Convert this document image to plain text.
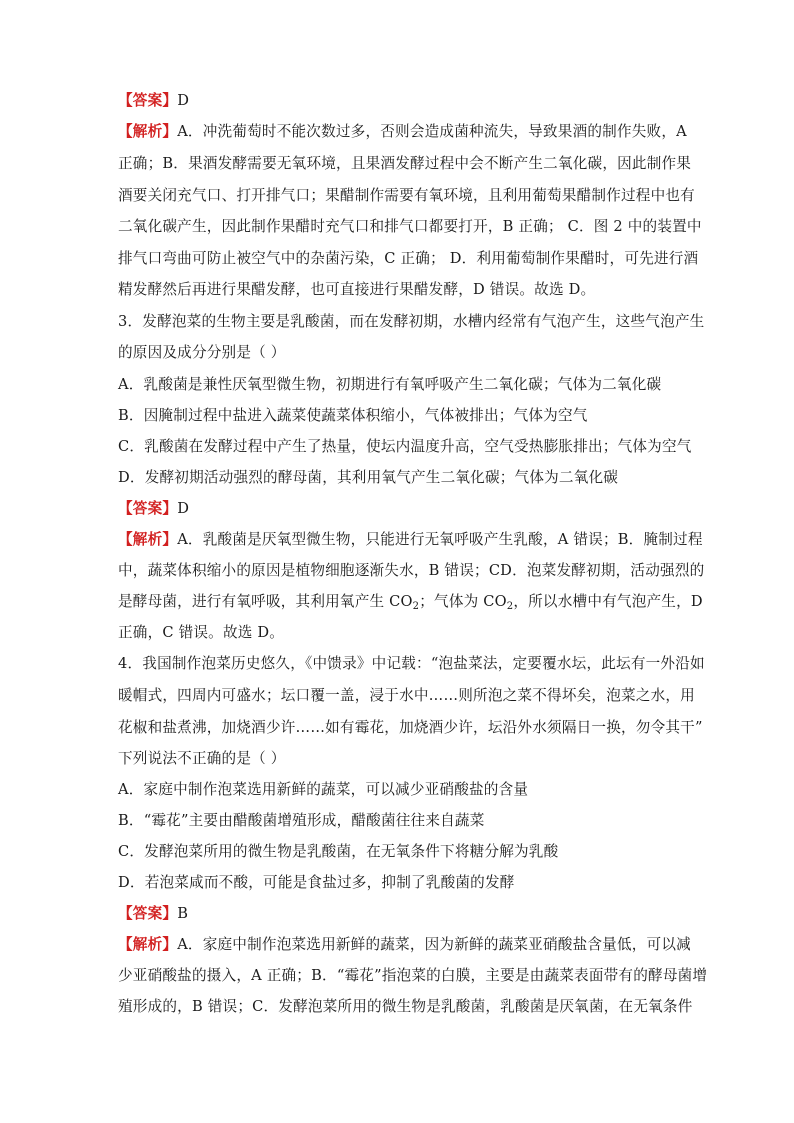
【答案】D
【解析】A．冲洗葡萄时不能次数过多，否则会造成菌种流失，导致果酒的制作失败，A
正确；B．果酒发酵需要无氧环境，且果酒发酵过程中会不断产生二氧化碳，因此制作果
酒要关闭充气口、打开排气口；果醋制作需要有氧环境，且利用葡萄果醋制作过程中也有
二氧化碳产生，因此制作果醋时充气口和排气口都要打开，B 正确； C．图 2 中的装置中
排气口弯曲可防止被空气中的杂菌污染，C 正确； D．利用葡萄制作果醋时，可先进行酒
精发酵然后再进行果醋发酵，也可直接进行果醋发酵，D 错误。故选 D。
3．发酵泡菜的生物主要是乳酸菌，而在发酵初期，水槽内经常有气泡产生，这些气泡产生
的原因及成分分别是（ ）
A．乳酸菌是兼性厌氧型微生物，初期进行有氧呼吸产生二氧化碳；气体为二氧化碳
B．因腌制过程中盐进入蔬菜使蔬菜体积缩小，气体被排出；气体为空气
C．乳酸菌在发酵过程中产生了热量，使坛内温度升高，空气受热膨胀排出；气体为空气
D．发酵初期活动强烈的酵母菌，其利用氧气产生二氧化碳；气体为二氧化碳
【答案】D
【解析】A．乳酸菌是厌氧型微生物，只能进行无氧呼吸产生乳酸，A 错误；B．腌制过程
中，蔬菜体积缩小的原因是植物细胞逐渐失水，B 错误；CD．泡菜发酵初期，活动强烈的
是酵母菌，进行有氧呼吸，其利用氧产生 $CO_2$；气体为 $CO_2$，所以水槽中有气泡产生，D
正确，C 错误。故选 D。
4．我国制作泡菜历史悠久，《中馈录》中记载：“泡盐菜法，定要覆水坛，此坛有一外沿如
暖帽式，四周内可盛水；坛口覆一盖，浸于水中……则所泡之菜不得坏矣，泡菜之水，用
花椒和盐煮沸，加烧酒少许……如有霉花，加烧酒少许，坛沿外水须隔日一换，勿令其干”
下列说法不正确的是（ ）
A．家庭中制作泡菜选用新鲜的蔬菜，可以减少亚硝酸盐的含量
B．“霉花”主要由醋酸菌增殖形成，醋酸菌往往来自蔬菜
C．发酵泡菜所用的微生物是乳酸菌，在无氧条件下将糖分解为乳酸
D．若泡菜咸而不酸，可能是食盐过多，抑制了乳酸菌的发酵
【答案】B
【解析】A．家庭中制作泡菜选用新鲜的蔬菜，因为新鲜的蔬菜亚硝酸盐含量低，可以减
少亚硝酸盐的摄入，A 正确；B．“霉花”指泡菜的白膜，主要是由蔬菜表面带有的酵母菌增
殖形成的，B 错误；C．发酵泡菜所用的微生物是乳酸菌，乳酸菌是厌氧菌，在无氧条件
